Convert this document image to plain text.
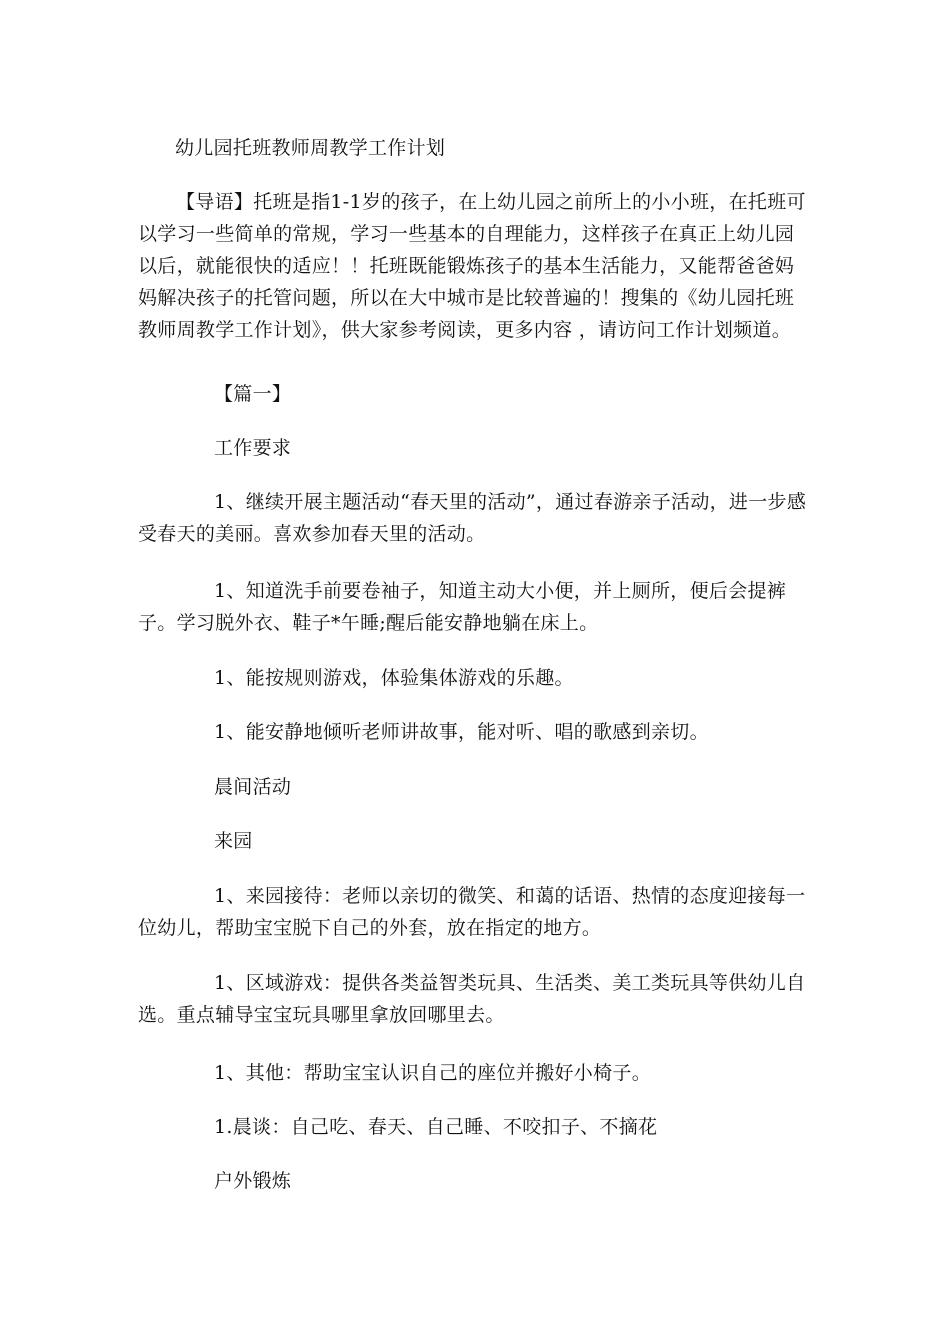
幼儿园托班教师周教学工作计划

【导语】托班是指1-1岁的孩子，在上幼儿园之前所上的小小班，在托班可以学习一些简单的常规，学习一些基本的自理能力，这样孩子在真正上幼儿园以后，就能很快的适应！！托班既能锻炼孩子的基本生活能力，又能帮爸爸妈妈解决孩子的托管问题，所以在大中城市是比较普遍的！搜集的《幼儿园托班教师周教学工作计划》，供大家参考阅读，更多内容 ，请访问工作计划频道。

【篇一】

工作要求

1、继续开展主题活动“春天里的活动”，通过春游亲子活动，进一步感受春天的美丽。喜欢参加春天里的活动。

1、知道洗手前要卷袖子，知道主动大小便，并上厕所，便后会提裤子。学习脱外衣、鞋子*午睡;醒后能安静地躺在床上。

1、能按规则游戏，体验集体游戏的乐趣。

1、能安静地倾听老师讲故事，能对听、唱的歌感到亲切。

晨间活动

来园

1、来园接待：老师以亲切的微笑、和蔼的话语、热情的态度迎接每一位幼儿，帮助宝宝脱下自己的外套，放在指定的地方。

1、区域游戏：提供各类益智类玩具、生活类、美工类玩具等供幼儿自选。重点辅导宝宝玩具哪里拿放回哪里去。

1、其他：帮助宝宝认识自己的座位并搬好小椅子。

1.晨谈：自己吃、春天、自己睡、不咬扣子、不摘花

户外锻炼
